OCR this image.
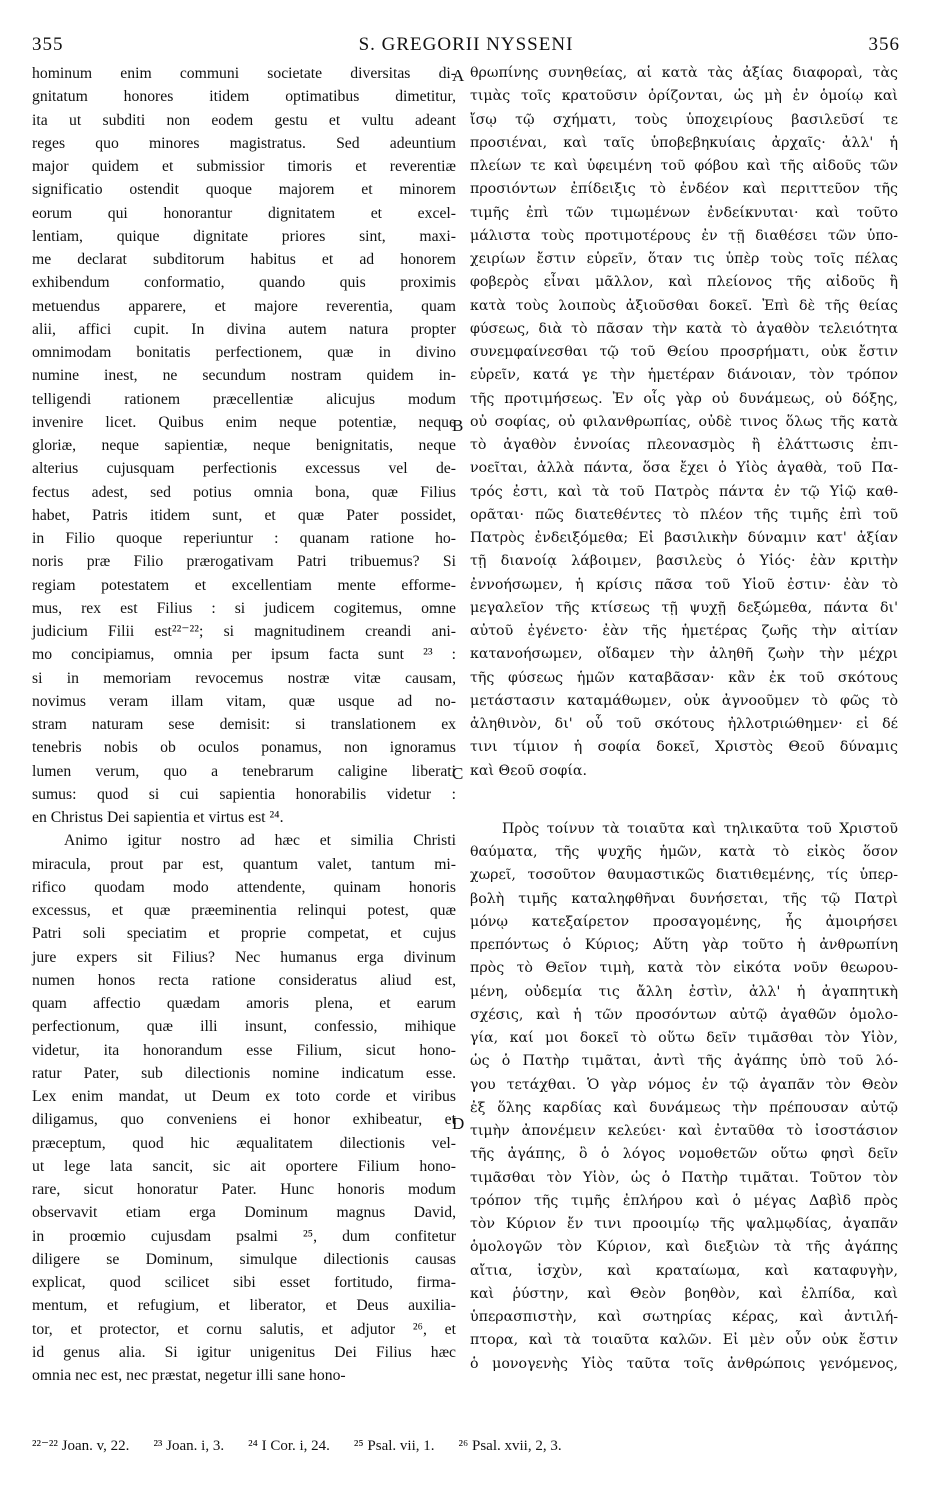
355	S. GREGORII NYSSENI	356
hominum enim communi societate diversitas di-
gnitatum honores itidem optimatibus dimetitur,
ita ut subditi non eodem gestu et vultu adeant
reges quo minores magistratus. Sed adeuntium
major quidem et submissior timoris et reverentiæ
significatio ostendit quoque majorem et minorem
eorum qui honorantur dignitatem et excel-
lentiam, quique dignitate priores sint, maxi-
me declarat subditorum habitus et ad honorem
exhibendum conformatio, quando quis proximis
metuendus apparere, et majore reverentia, quam
alii, affici cupit. In divina autem natura propter
omnimodam bonitatis perfectionem, quæ in divino
numine inest, ne secundum nostram quidem in-
telligendi rationem præcellentiæ alicujus modum
invenire licet. Quibus enim neque potentiæ, neque
gloriæ, neque sapientiæ, neque benignitatis, neque
alterius cujusquam perfectionis excessus vel de-
fectus adest, sed potius omnia bona, quæ Filius
habet, Patris itidem sunt, et quæ Pater possidet,
in Filio quoque reperiuntur : quanam ratione ho-
noris præ Filio prærogativam Patri tribuemus? Si
regiam potestatem et excellentiam mente efforme-
mus, rex est Filius : si judicem cogitemus, omne
judicium Filii est²²⁻²²; si magnitudinem creandi ani-
mo concipiamus, omnia per ipsum facta sunt ²³ :
si in memoriam revocemus nostræ vitæ causam,
novimus veram illam vitam, quæ usque ad no-
stram naturam sese demisit: si translationem ex
tenebris nobis ob oculos ponamus, non ignoramus
lumen verum, quo a tenebrarum caligine liberati
sumus: quod si cui sapientia honorabilis videtur :
en Christus Dei sapientia et virtus est ²⁴.
Animo igitur nostro ad hæc et similia Christi
miracula, prout par est, quantum valet, tantum mi-
rifico quodam modo attendente, quinam honoris
excessus, et quæ præeminentia relinqui potest, quæ
Patri soli speciatim et proprie competat, et cujus
jure expers sit Filius? Nec humanus erga divinum
numen honos recta ratione consideratus aliud est,
quam affectio quædam amoris plena, et earum
perfectionum, quæ illi insunt, confessio, mihique
videtur, ita honorandum esse Filium, sicut hono-
ratur Pater, sub dilectionis nomine indicatum esse.
Lex enim mandat, ut Deum ex toto corde et viribus
diligamus, quo conveniens ei honor exhibeatur, et
præceptum, quod hic æqualitatem dilectionis vel-
ut lege lata sancit, sic ait oportere Filium hono-
rare, sicut honoratur Pater. Hunc honoris modum
observavit etiam erga Dominum magnus David,
in proœmio cujusdam psalmi ²⁵, dum confitetur
diligere se Dominum, simulque dilectionis causas
explicat, quod scilicet sibi esset fortitudo, firma-
mentum, et refugium, et liberator, et Deus auxilia-
tor, et protector, et cornu salutis, et adjutor ²⁶, et
id genus alia. Si igitur unigenitus Dei Filius hæc
omnia nec est, nec præstat, negetur illi sane hono-
θρωπίνης συνηθείας, αἱ κατὰ τὰς ἀξίας διαφοραὶ, τὰς
τιμὰς τοῖς κρατοῦσιν ὁρίζονται, ὡς μὴ ἐν ὁμοίῳ καὶ
ἴσῳ τῷ σχήματι, τοὺς ὑποχειρίους βασιλεῦσί τε
προσιέναι, καὶ ταῖς ὑποβεβηκυίαις ἀρχαῖς· ἀλλ' ἡ
πλείων τε καὶ ὑφειμένη τοῦ φόβου καὶ τῆς αἰδοῦς τῶν
προσιόντων ἐπίδειξις τὸ ἐνδέον καὶ περιττεῦον τῆς
τιμῆς ἐπὶ τῶν τιμωμένων ἐνδείκνυται· καὶ τοῦτο
μάλιστα τοὺς προτιμοτέρους ἐν τῇ διαθέσει τῶν ὑπο-
χειρίων ἔστιν εὑρεῖν, ὅταν τις ὑπὲρ τοὺς τοῖς πέλας
φοβερὸς εἶναι μᾶλλον, καὶ πλείονος τῆς αἰδοῦς ἢ
κατὰ τοὺς λοιποὺς ἀξιοῦσθαι δοκεῖ. Ἐπὶ δὲ τῆς θείας
φύσεως, διὰ τὸ πᾶσαν τὴν κατὰ τὸ ἀγαθὸν τελειότητα
συνεμφαίνεσθαι τῷ τοῦ Θείου προσρήματι, οὐκ ἔστιν
εὑρεῖν, κατά γε τὴν ἡμετέραν διάνοιαν, τὸν τρόπον
τῆς προτιμήσεως. Ἐν οἷς γὰρ οὐ δυνάμεως, οὐ δόξης,
οὐ σοφίας, οὐ φιλανθρωπίας, οὐδὲ τινος ὅλως τῆς κατὰ
τὸ ἀγαθὸν ἐννοίας πλεονασμὸς ἢ ἐλάττωσις ἐπι-
νοεῖται, ἀλλὰ πάντα, ὅσα ἔχει ὁ Υἱὸς ἀγαθὰ, τοῦ Πα-
τρός ἐστι, καὶ τὰ τοῦ Πατρὸς πάντα ἐν τῷ Υἱῷ καθ-
ορᾶται· πῶς διατεθέντες τὸ πλέον τῆς τιμῆς ἐπὶ τοῦ
Πατρὸς ἐνδειξόμεθα; Εἰ βασιλικὴν δύναμιν κατ' ἀξίαν
τῇ διανοίᾳ λάβοιμεν, βασιλεὺς ὁ Υἱός· ἐὰν κριτὴν
ἐννοήσωμεν, ἡ κρίσις πᾶσα τοῦ Υἱοῦ ἐστιν· ἐὰν τὸ
μεγαλεῖον τῆς κτίσεως τῇ ψυχῇ δεξώμεθα, πάντα δι'
αὐτοῦ ἐγένετο· ἐὰν τῆς ἡμετέρας ζωῆς τὴν αἰτίαν
κατανοήσωμεν, οἴδαμεν τὴν ἀληθῆ ζωὴν τὴν μέχρι
τῆς φύσεως ἡμῶν καταβᾶσαν· κἂν ἐκ τοῦ σκότους
μετάστασιν καταμάθωμεν, οὐκ ἀγνοοῦμεν τὸ φῶς τὸ
ἀληθινὸν, δι' οὗ τοῦ σκότους ἠλλοτριώθημεν· εἰ δέ
τινι τίμιον ἡ σοφία δοκεῖ, Χριστὸς Θεοῦ δύναμις
καὶ Θεοῦ σοφία.
Πρὸς τοίνυν τὰ τοιαῦτα καὶ τηλικαῦτα τοῦ Χριστοῦ
θαύματα, τῆς ψυχῆς ἡμῶν, κατὰ τὸ εἰκὸς ὅσον
χωρεῖ, τοσοῦτον θαυμαστικῶς διατιθεμένης, τίς ὑπερ-
βολὴ τιμῆς καταληφθῆναι δυνήσεται, τῆς τῷ Πατρὶ
μόνῳ κατεξαίρετον προσαγομένης, ἧς ἀμοιρήσει
πρεπόντως ὁ Κύριος; Αὕτη γὰρ τοῦτο ἡ ἀνθρωπίνη
πρὸς τὸ Θεῖον τιμὴ, κατὰ τὸν εἰκότα νοῦν θεωρου-
μένη, οὐδεμία τις ἄλλη ἐστὶν, ἀλλ' ἡ ἀγαπητικὴ
σχέσις, καὶ ἡ τῶν προσόντων αὐτῷ ἀγαθῶν ὁμολο-
γία, καί μοι δοκεῖ τὸ οὕτω δεῖν τιμᾶσθαι τὸν Υἱὸν,
ὡς ὁ Πατὴρ τιμᾶται, ἀντὶ τῆς ἀγάπης ὑπὸ τοῦ λό-
γου τετάχθαι. Ὁ γὰρ νόμος ἐν τῷ ἀγαπᾶν τὸν Θεὸν
ἐξ ὅλης καρδίας καὶ δυνάμεως τὴν πρέπουσαν αὐτῷ
τιμὴν ἀπονέμειν κελεύει· καὶ ἐνταῦθα τὸ ἰσοστάσιον
τῆς ἀγάπης, ὃ ὁ λόγος νομοθετῶν οὕτω φησὶ δεῖν
τιμᾶσθαι τὸν Υἱὸν, ὡς ὁ Πατὴρ τιμᾶται. Τοῦτον τὸν
τρόπον τῆς τιμῆς ἐπλήρου καὶ ὁ μέγας Δαβὶδ πρὸς
τὸν Κύριον ἔν τινι προοιμίῳ τῆς ψαλμῳδίας, ἀγαπᾶν
ὁμολογῶν τὸν Κύριον, καὶ διεξιὼν τὰ τῆς ἀγάπης
αἴτια, ἰσχὺν, καὶ κραταίωμα, καὶ καταφυγὴν,
καὶ ῥύστην, καὶ Θεὸν βοηθὸν, καὶ ἐλπίδα, καὶ
ὑπερασπιστὴν, καὶ σωτηρίας κέρας, καὶ ἀντιλή-
πτορα, καὶ τὰ τοιαῦτα καλῶν. Εἰ μὲν οὖν οὐκ ἔστιν
ὁ μονογενὴς Υἱὸς ταῦτα τοῖς ἀνθρώποις γενόμενος,
A
B
C
D
²²⁻²² Joan. v, 22. ²³ Joan. i, 3. ²⁴ I Cor. i, 24. ²⁵ Psal. vii, 1. ²⁶ Psal. xvii, 2, 3.
